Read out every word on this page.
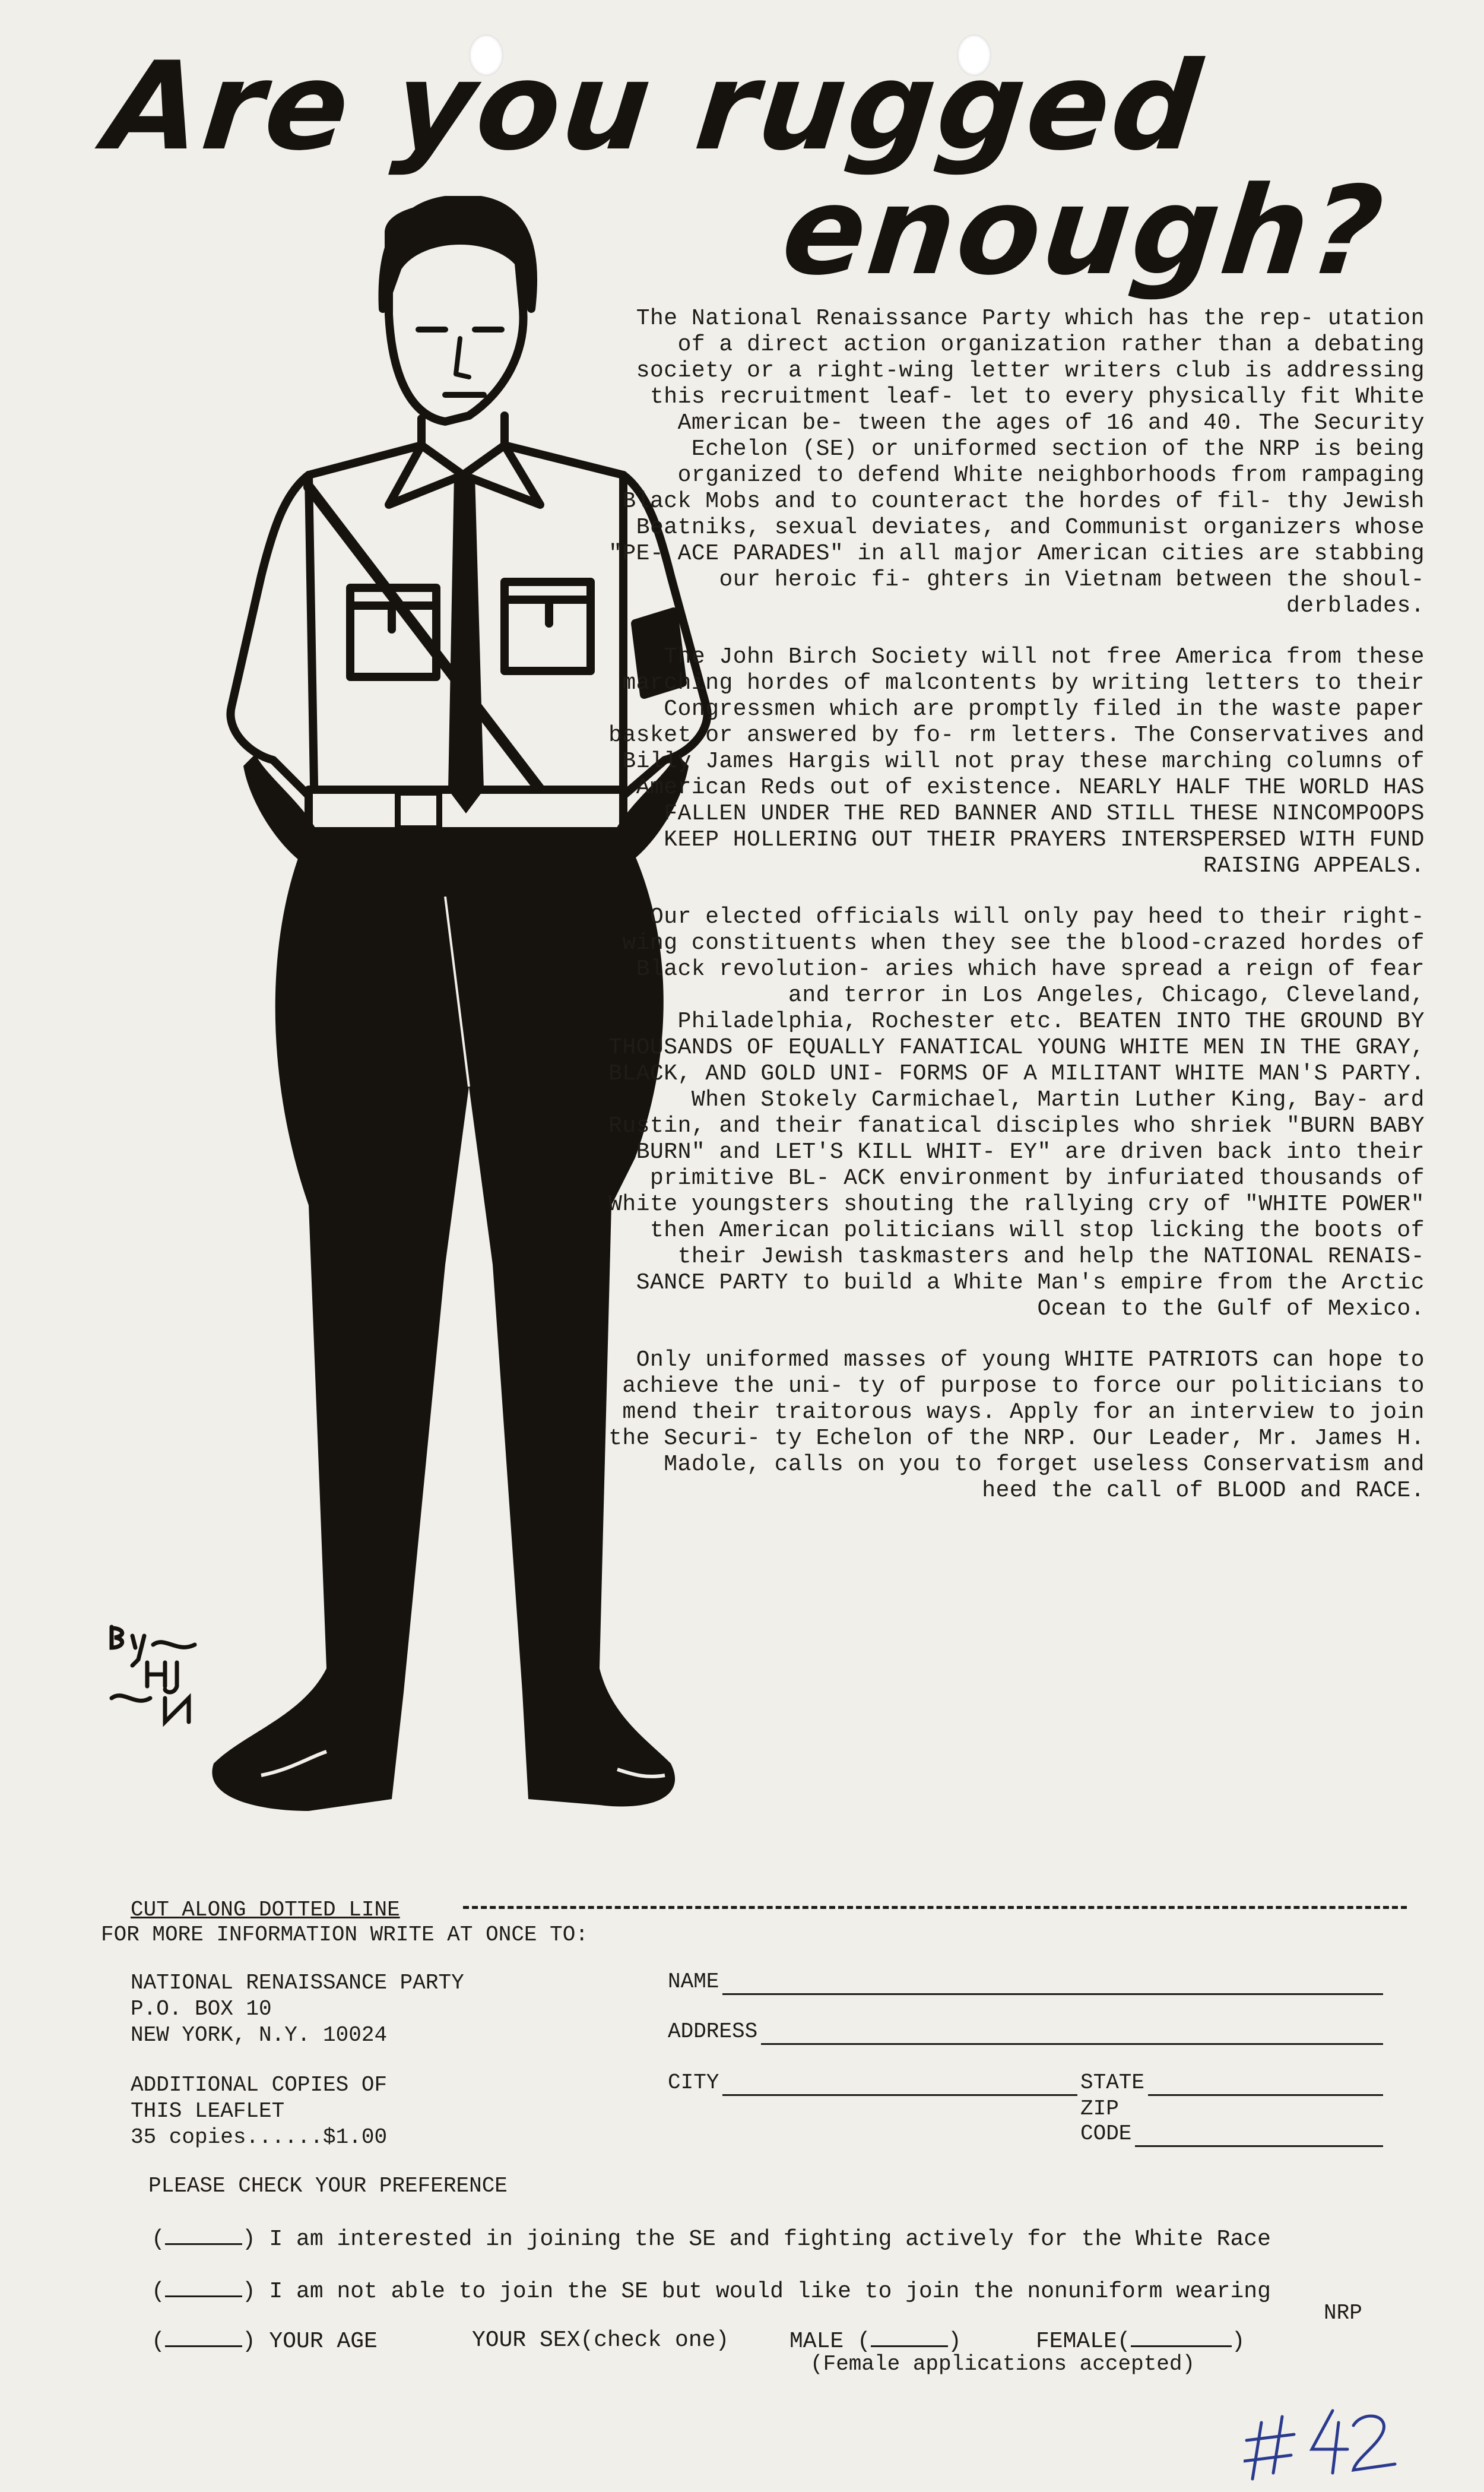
Are you rugged
enough?

The National Renaissance Party which has the rep- utation of a direct action organization rather than a debating society or a right-wing letter writers club is addressing this recruitment leaf- let to every physically fit White American be- tween the ages of 16 and 40. The Security Echelon (SE) or uniformed section of the NRP is being organized to defend White neighborhoods from rampaging Black Mobs and to counteract the hordes of fil- thy Jewish Beatniks, sexual deviates, and Communist organizers whose "PE- ACE PARADES" in all major American cities are stabbing our heroic fi- ghters in Vietnam between the shoul- derblades.

The John Birch Society will not free America from these marching hordes of malcontents by writing letters to their Congressmen which are promptly filed in the waste paper basket or answered by fo- rm letters. The Conservatives and Billy James Hargis will not pray these marching columns of American Reds out of existence. NEARLY HALF THE WORLD HAS FALLEN UNDER THE RED BANNER AND STILL THESE NINCOMPOOPS KEEP HOLLERING OUT THEIR PRAYERS INTERSPERSED WITH FUND RAISING APPEALS.

Our elected officials will only pay heed to their right-wing constituents when they see the blood-crazed hordes of Black revolution- aries which have spread a reign of fear and terror in Los Angeles, Chicago, Cleveland, Philadelphia, Rochester etc. BEATEN INTO THE GROUND BY THOUSANDS OF EQUALLY FANATICAL YOUNG WHITE MEN IN THE GRAY, BLACK, AND GOLD UNI- FORMS OF A MILITANT WHITE MAN'S PARTY. When Stokely Carmichael, Martin Luther King, Bay- ard Rustin, and their fanatical disciples who shriek "BURN BABY BURN" and LET'S KILL WHIT- EY" are driven back into their primitive BL- ACK environment by infuriated thousands of White youngsters shouting the rallying cry of "WHITE POWER" then American politicians will stop licking the boots of their Jewish taskmasters and help the NATIONAL RENAIS- SANCE PARTY to build a White Man's empire from the Arctic Ocean to the Gulf of Mexico.

Only uniformed masses of young WHITE PATRIOTS can hope to achieve the uni- ty of purpose to force our politicians to mend their traitorous ways. Apply for an interview to join the Securi- ty Echelon of the NRP. Our Leader, Mr. James H. Madole, calls on you to forget useless Conservatism and heed the call of BLOOD and RACE.

CUT ALONG DOTTED LINE
FOR MORE INFORMATION WRITE AT ONCE TO:
NATIONAL RENAISSANCE PARTY
P.O. BOX 10
NEW YORK, N.Y. 10024
ADDITIONAL COPIES OF
THIS LEAFLET
35 copies......$1.00
NAME
ADDRESS
CITY	STATE
ZIP
CODE
PLEASE CHECK YOUR PREFERENCE
(	) I am interested in joining the SE and fighting actively for the White Race
(	) I am not able to join the SE but would like to join the nonuniform wearing
NRP
(	) YOUR AGE	YOUR SEX(check one)	MALE (	)	FEMALE(	)
(Female applications accepted)
